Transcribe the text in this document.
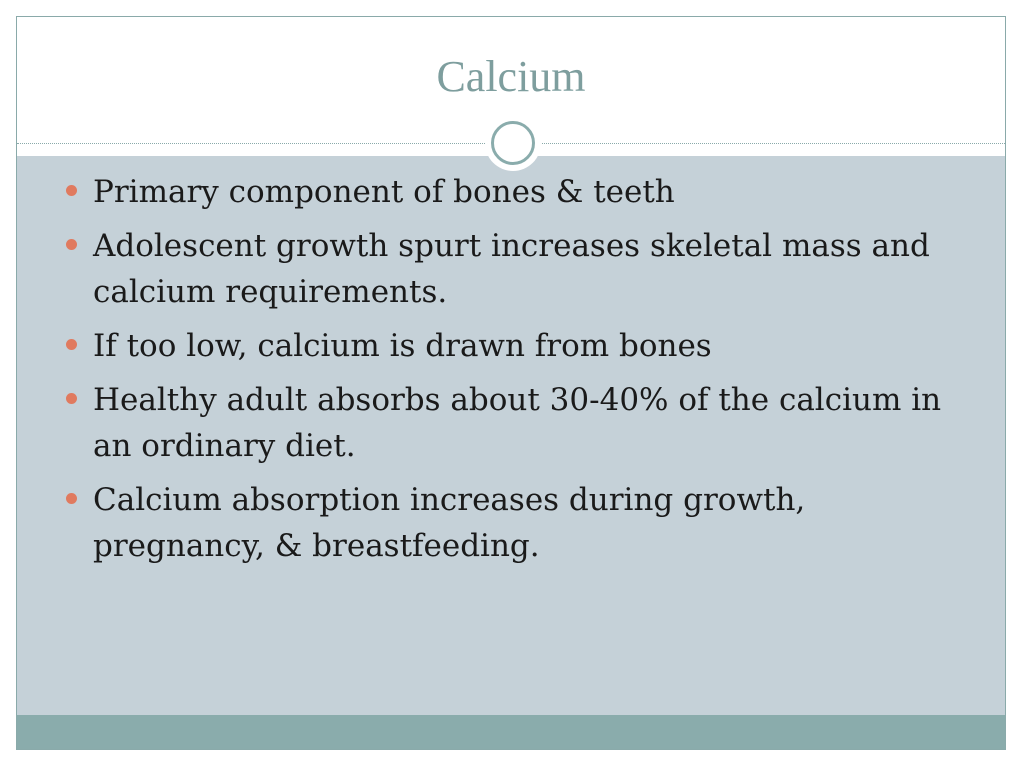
Calcium
Primary component of bones & teeth
Adolescent growth spurt increases skeletal mass and calcium requirements.
If too low, calcium is drawn from bones
Healthy adult absorbs about 30-40% of the calcium in an ordinary diet.
Calcium absorption increases during growth, pregnancy, & breastfeeding.
